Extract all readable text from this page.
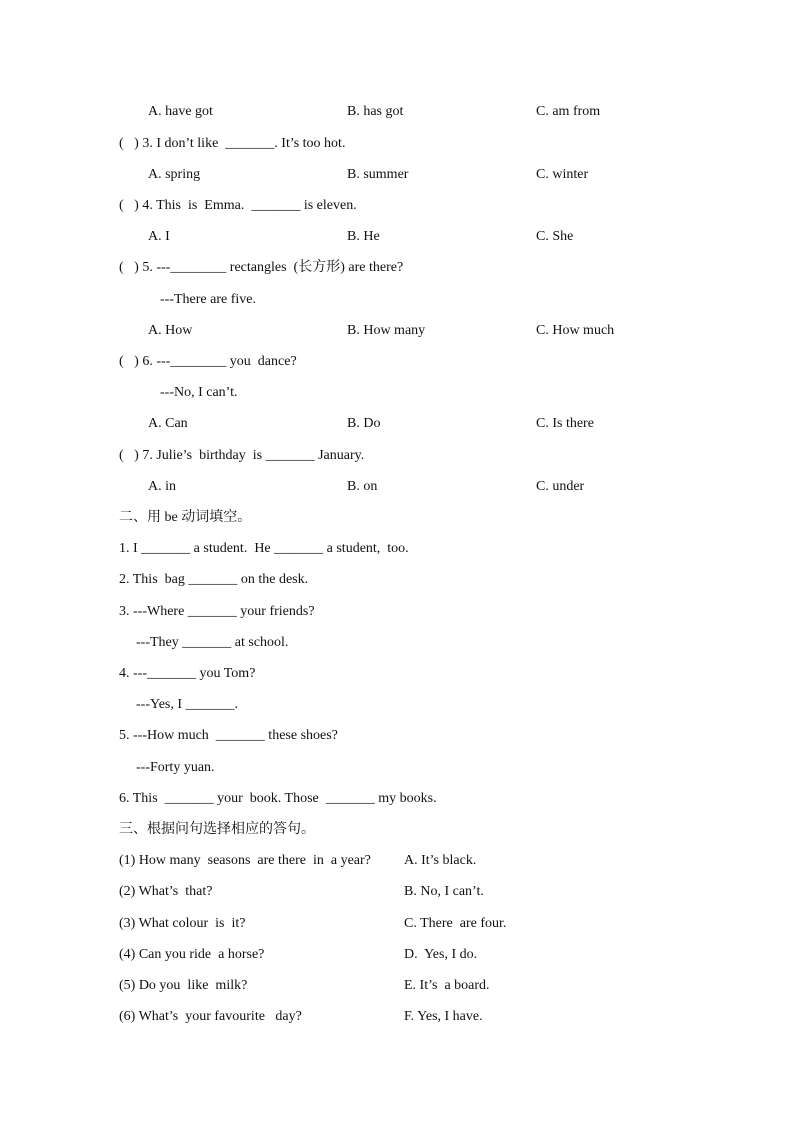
A. have got	B. has got	C. am from
(   ) 3. I don’t like  _______. It’s too hot.
A. spring	B. summer	C. winter
(   ) 4. This  is  Emma.  _______ is eleven.
A. I	B. He	C. She
(   ) 5. ---________ rectangles  (长方形) are there?
---There are five.
A. How	B. How many	C. How much
(   ) 6. ---________ you  dance?
---No, I can’t.
A. Can	B. Do	C. Is there
(   ) 7. Julie’s  birthday  is _______ January.
A. in	B. on	C. under
二、用 be 动词填空。
1. I _______ a student.  He _______ a student,  too.
2. This  bag _______ on the desk.
3. ---Where _______ your friends?
---They _______ at school.
4. ---_______ you Tom?
---Yes, I _______.
5. ---How much  _______ these shoes?
---Forty yuan.
6. This  _______ your  book. Those  _______ my books.
三、根据问句选择相应的答句。
(1) How many  seasons  are there  in  a year? A. It’s black.
(2) What’s  that?	B. No, I can’t.
(3) What colour  is  it?	C. There  are four.
(4) Can you ride  a horse?	D.  Yes, I do.
(5) Do you  like  milk?	E. It’s  a board.
(6) What’s  your favourite   day?	F. Yes, I have.
